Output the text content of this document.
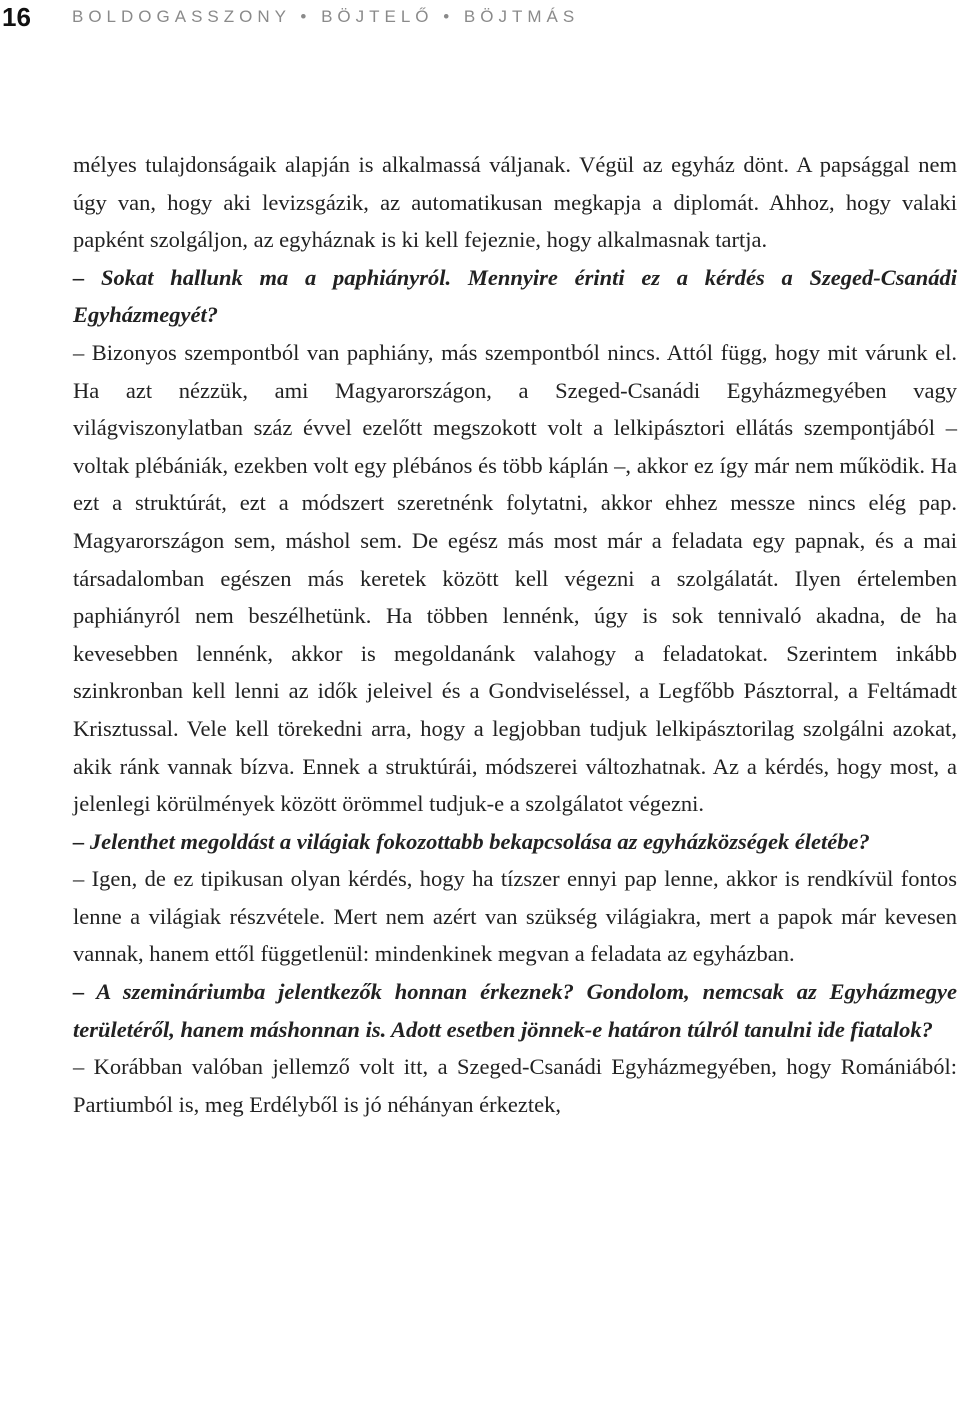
16	BOLDOGASSZONY • BÖJTELŐ • BÖJTMÁS

mélyes tulajdonságaik alapján is alkalmassá váljanak. Végül az egyház dönt. A papsággal nem úgy van, hogy aki levizsgázik, az automatikusan megkapja a diplomát. Ahhoz, hogy valaki papként szolgáljon, az egyháznak is ki kell fejeznie, hogy alkalmasnak tartja.

– Sokat hallunk ma a paphiányról. Mennyire érinti ez a kérdés a Szeged-Csanádi Egyházmegyét?

– Bizonyos szempontból van paphiány, más szempontból nincs. Attól függ, hogy mit várunk el. Ha azt nézzük, ami Magyarországon, a Szeged-Csanádi Egyházmegyében vagy világviszonylatban száz évvel ezelőtt megszokott volt a lelkipásztori ellátás szempontjából – voltak plébániák, ezekben volt egy plébános és több káplán –, akkor ez így már nem működik. Ha ezt a struktúrát, ezt a módszert szeretnénk folytatni, akkor ehhez messze nincs elég pap. Magyarországon sem, máshol sem. De egész más most már a feladata egy papnak, és a mai társadalomban egészen más keretek között kell végezni a szolgálatát. Ilyen értelemben paphiányról nem beszélhetünk. Ha többen lennénk, úgy is sok tennivaló akadna, de ha kevesebben lennénk, akkor is megoldanánk valahogy a feladatokat. Szerintem inkább szinkronban kell lenni az idők jeleivel és a Gondviseléssel, a Legfőbb Pásztorral, a Feltámadt Krisztussal. Vele kell törekedni arra, hogy a legjobban tudjuk lelkipásztorilag szolgálni azokat, akik ránk vannak bízva. Ennek a struktúrái, módszerei változhatnak. Az a kérdés, hogy most, a jelenlegi körülmények között örömmel tudjuk-e a szolgálatot végezni.

– Jelenthet megoldást a világiak fokozottabb bekapcsolása az egyházközségek életébe?

– Igen, de ez tipikusan olyan kérdés, hogy ha tízszer ennyi pap lenne, akkor is rendkívül fontos lenne a világiak részvétele. Mert nem azért van szükség világiakra, mert a papok már kevesen vannak, hanem ettől függetlenül: mindenkinek megvan a feladata az egyházban.

– A szemináriumba jelentkezők honnan érkeznek? Gondolom, nemcsak az Egyházmegye területéről, hanem máshonnan is. Adott esetben jönnek-e határon túlról tanulni ide fiatalok?

– Korábban valóban jellemző volt itt, a Szeged-Csanádi Egyházmegyében, hogy Romániából: Partiumból is, meg Erdélyből is jó néhányan érkeztek,
